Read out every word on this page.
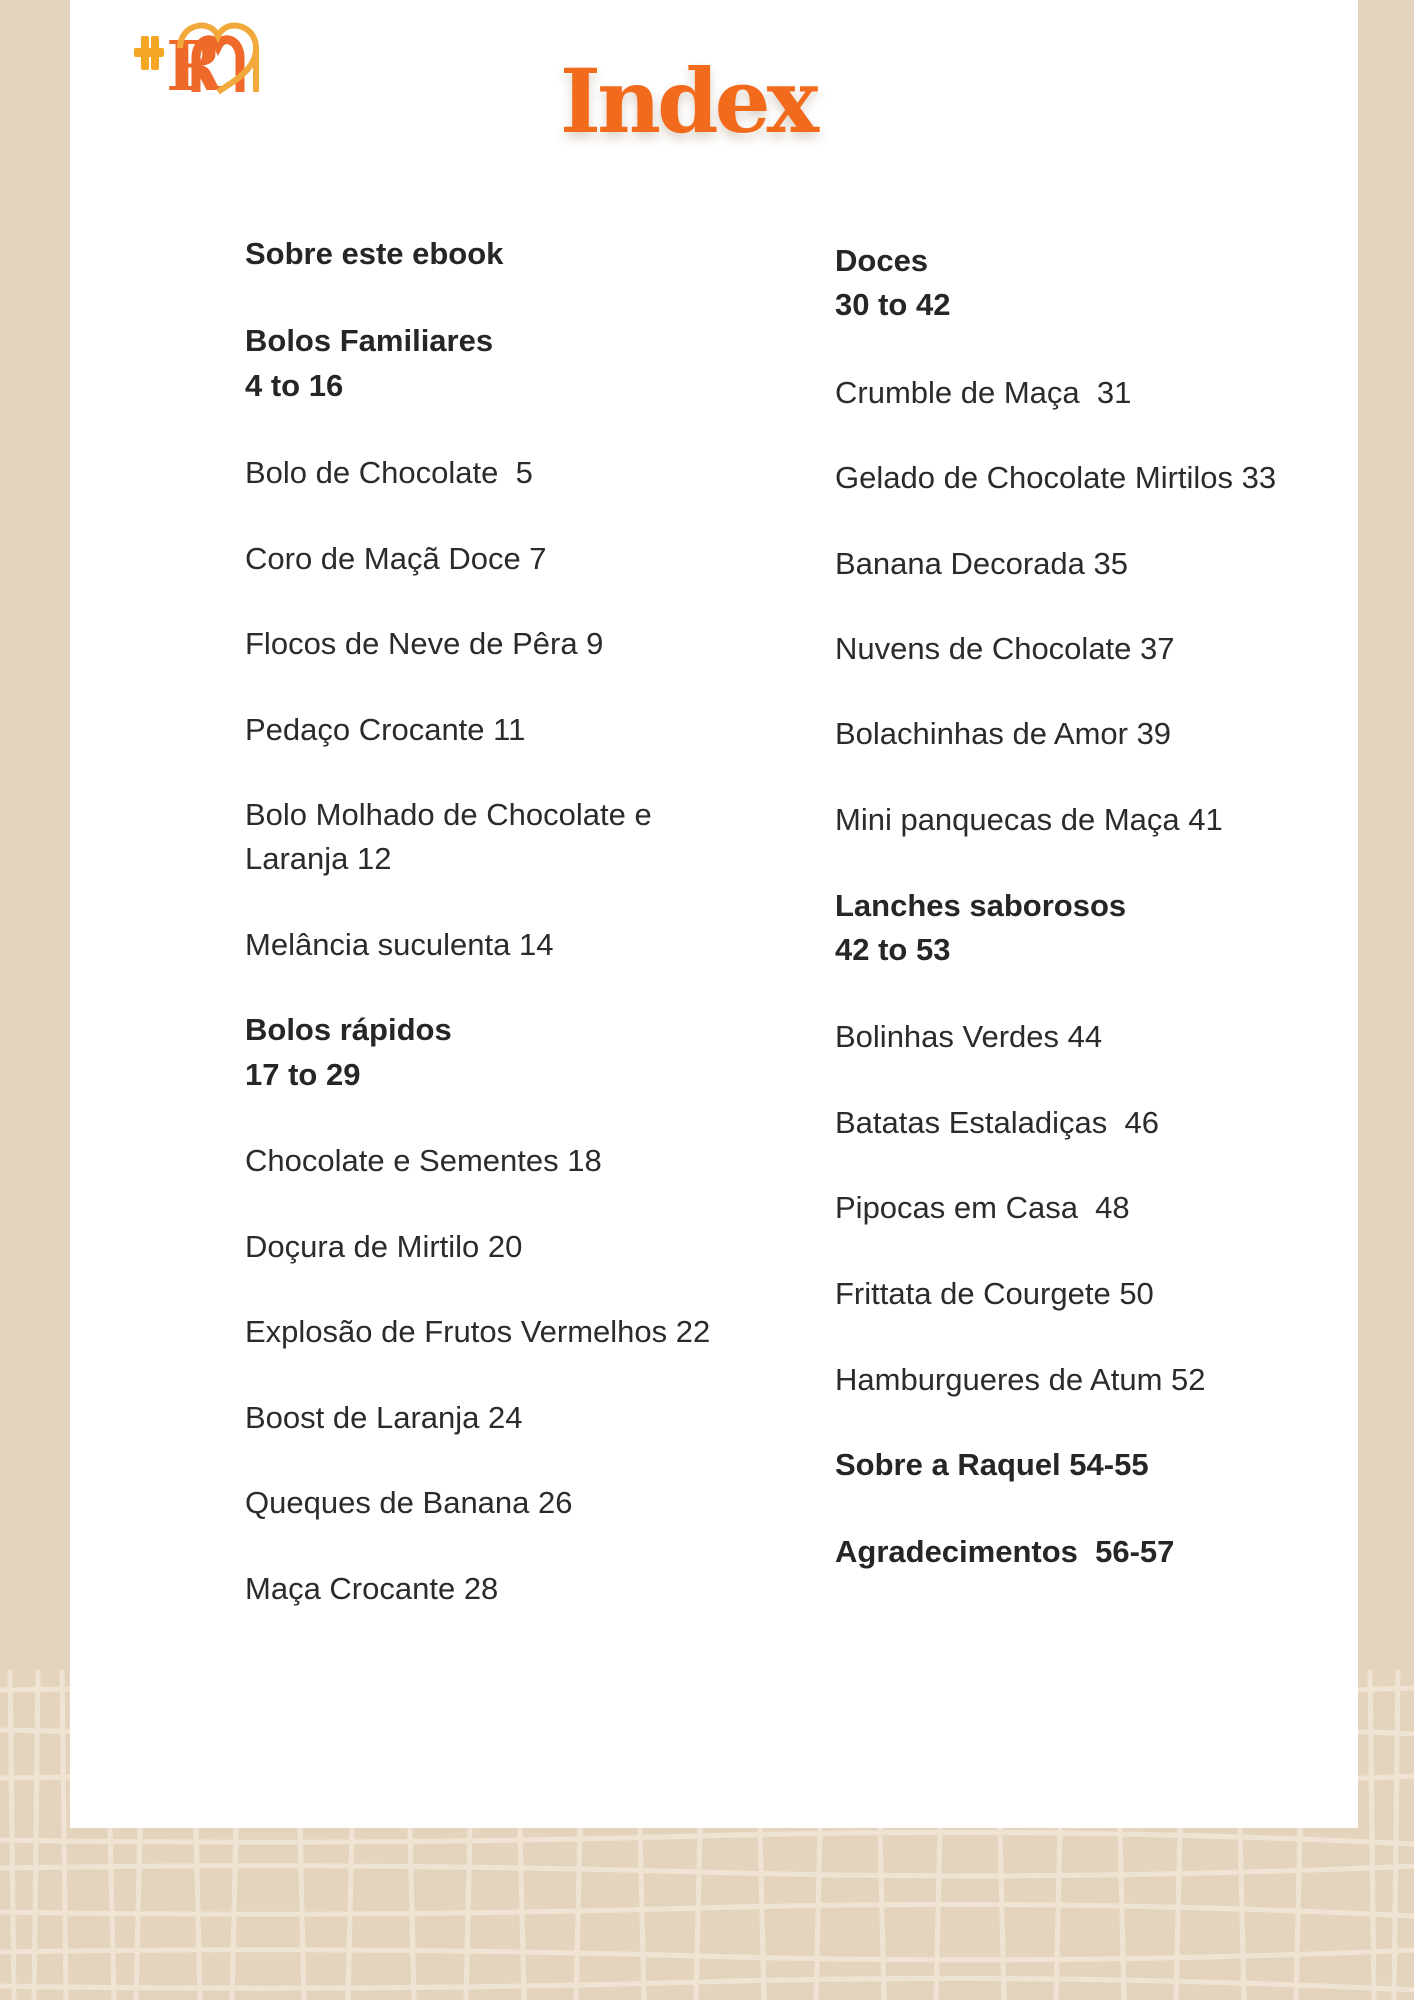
R	Index
Sobre este ebook
Bolos Familiares
4 to 16
Bolo de Chocolate  5
Coro de Maçã Doce 7
Flocos de Neve de Pêra 9
Pedaço Crocante 11
Bolo Molhado de Chocolate e
Laranja 12
Melância suculenta 14
Bolos rápidos
17 to 29
Chocolate e Sementes 18
Doçura de Mirtilo 20
Explosão de Frutos Vermelhos 22
Boost de Laranja 24
Queques de Banana 26
Maça Crocante 28
Doces
30 to 42
Crumble de Maça  31
Gelado de Chocolate Mirtilos 33
Banana Decorada 35
Nuvens de Chocolate 37
Bolachinhas de Amor 39
Mini panquecas de Maça 41
Lanches saborosos
42 to 53
Bolinhas Verdes 44
Batatas Estaladiças  46
Pipocas em Casa  48
Frittata de Courgete 50
Hamburgueres de Atum 52
Sobre a Raquel 54-55
Agradecimentos  56-57
